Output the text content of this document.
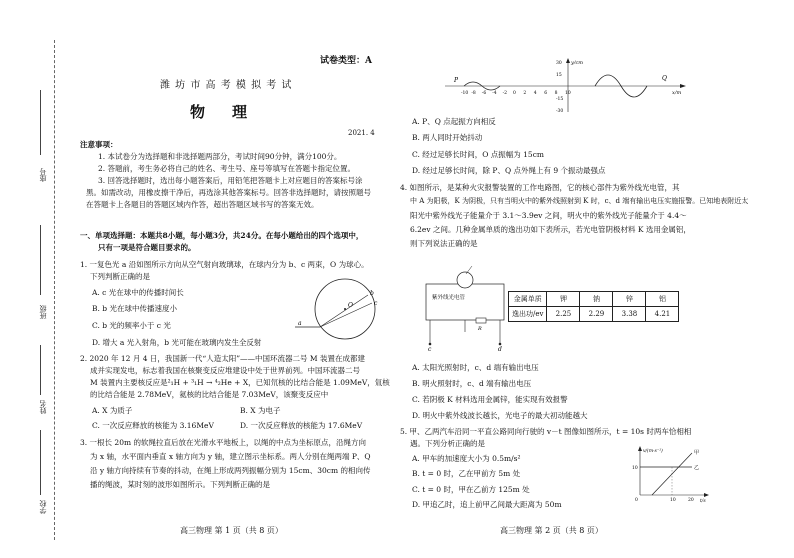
座号
班级
姓名
学校
试卷类型：A
潍 坊 市 高 考 模 拟 考 试
物　理
2021. 4
注意事项：
1. 本试卷分为选择题和非选择题两部分，考试时间90分钟，满分100分。
2. 答题前，考生务必将自己的姓名、考生号、座号等填写在答题卡指定位置。
3. 回答选择题时，选出每小题答案后，用铅笔把答题卡上对应题目的答案标号涂
黑。如需改动，用橡皮擦干净后，再选涂其他答案标号。回答非选择题时，请按照题号
在答题卡上各题目的答题区域内作答，超出答题区域书写的答案无效。
一、单项选择题：本题共8小题，每小题3分，共24分。在每小题给出的四个选项中，
只有一项是符合题目要求的。
1. 一复色光 a 沿如图所示方向从空气射向玻璃球，在球内分为 b、c 两束，O 为球心。
下列判断正确的是
A. c 光在球中的传播时间长
B. b 光在球中传播速度小
C. b 光的频率小于 c 光
D. 增大 a 光入射角，b 光可能在玻璃内发生全反射
O
a
b
c
2. 2020 年 12 月 4 日，我国新一代“人造太阳”——中国环流器二号 M 装置在成都建
成并实现发电，标志着我国在核聚变反应堆建设中处于世界前列。中国环流器二号
M 装置内主要核反应是²₁H + ³₁H → ⁴₂He + X，已知氘核的比结合能是 1.09MeV，氚核
的比结合能是 2.78MeV，氦核的比结合能是 7.03MeV，该聚变反应中
A. X 为质子	B. X 为电子
C. 一次反应释放的核能为 3.16MeV	D. 一次反应释放的核能为 17.6MeV
3. 一根长 20m 的软绳拉直后放在光滑水平地板上，以绳的中点为坐标原点，沿绳方向
为 x 轴，水平面内垂直 x 轴方向为 y 轴，建立图示坐标系。两人分别在绳两端 P、Q
沿 y 轴方向持续有节奏的抖动，在绳上形成两列振幅分别为 15cm、30cm 的相向传
播的绳波，某时刻的波形如图所示。下列判断正确的是
高三物理 第 1 页（共 8 页）
y/cm
x/m
P	Q
30
15
-15
-30
-10 -8 -6 -4 -2 0 2 4 6 8 10
A. P、Q 点起振方向相反
B. 两人同时开始抖动
C. 经过足够长时间，O 点振幅为 15cm
D. 经过足够长时间，除 P、Q 点外绳上有 9 个振动最强点
4. 如图所示，是某种火灾报警装置的工作电路图，它的核心部件为紫外线光电管，其
中 A 为阳极，K 为阴极，只有当明火中的紫外线照射到 K 时，c、d 端有输出电压实施报警。已知地表附近太
阳光中紫外线光子能量介于 3.1～3.9ev 之间，明火中的紫外线光子能量介于 4.4～
6.2ev 之间。几种金属单质的逸出功如下表所示，若光电管阴极材料 K 选用金属铝，
则下列说法正确的是
R
c	d
紫外线光电管	金属单质	钾	钠	锌	铝
逸出功/ev	2.25	2.29	3.38	4.21
A. 太阳光照射时，c、d 端有输出电压
B. 明火照射时，c、d 端有输出电压
C. 若阴极 K 材料选用金属锌，能实现有效报警
D. 明火中紫外线波长越长，光电子的最大初动能越大
5. 甲、乙两汽车沿同一平直公路同向行驶的 v－t 图像如图所示，t = 10s 时两车恰相相
遇。下列分析正确的是
A. 甲车的加速度大小为 0.5m/s²
B. t = 0 时，乙在甲前方 5m 处
C. t = 0 时，甲在乙前方 125m 处
D. 甲追乙时，追上前甲乙间最大距离为 50m
v/(m·s⁻¹)
t/s
甲
乙
10
0	10	20
高三物理 第 2 页（共 8 页）
